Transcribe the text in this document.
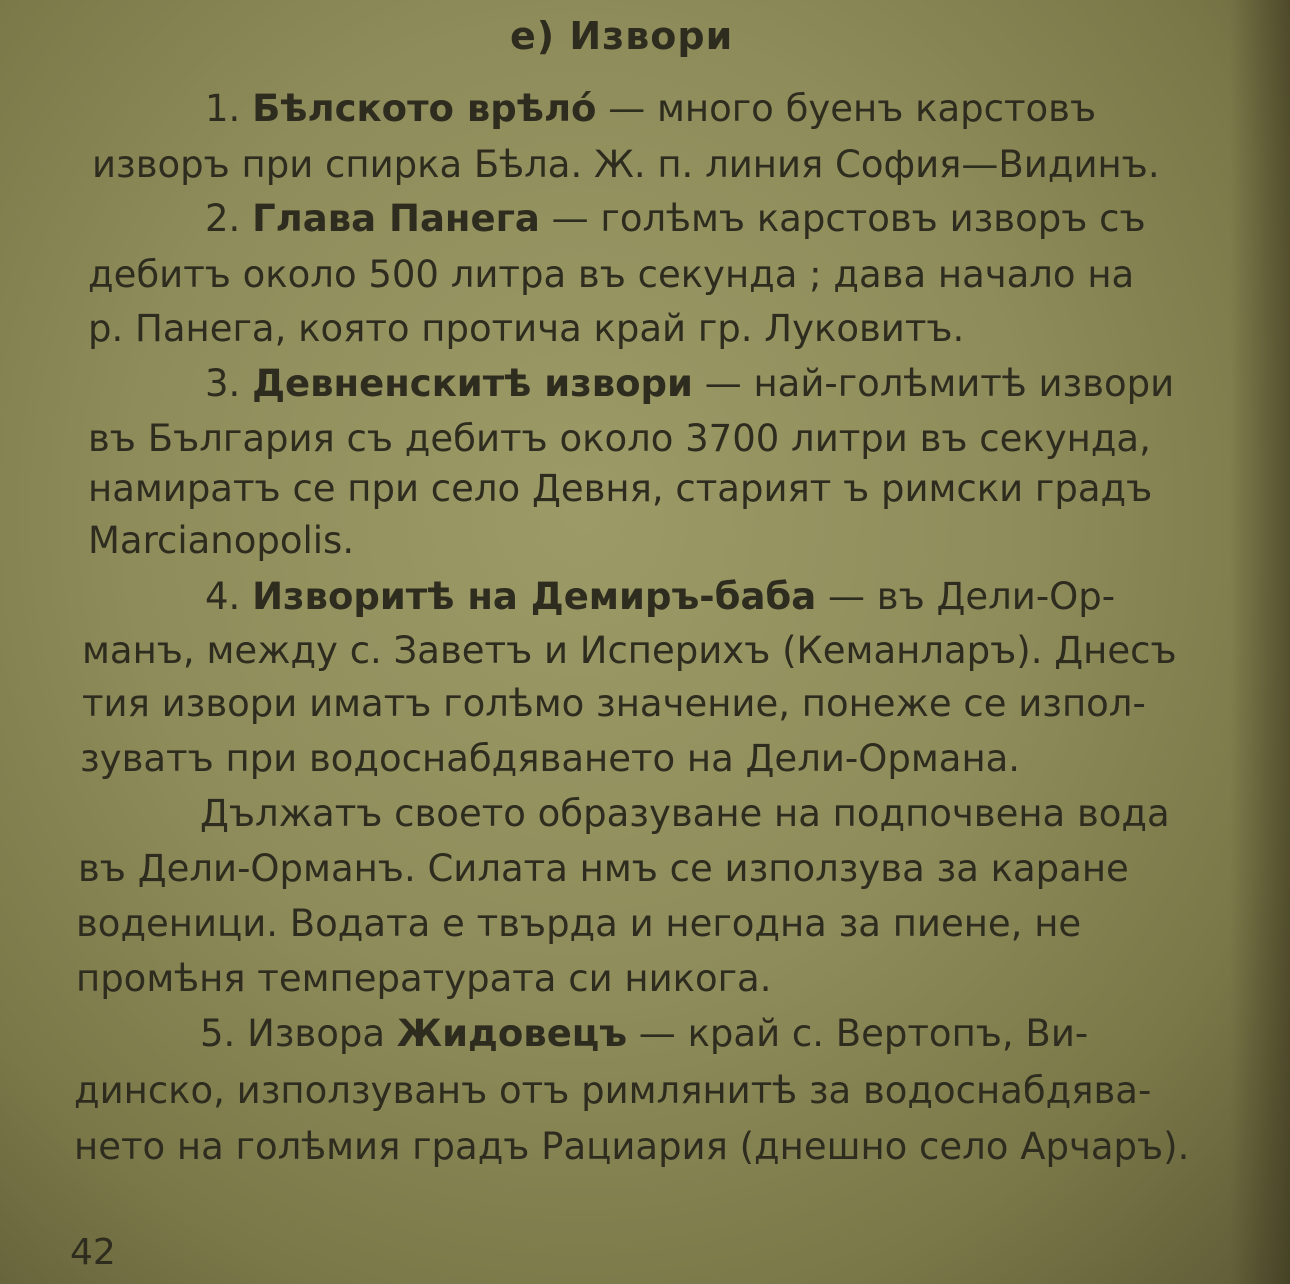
е) Извори
1. Бѣлското врѣло́ — много буенъ карстовъ
изворъ при спирка Бѣла. Ж. п. линия София—Видинъ.
2. Глава Панега — голѣмъ карстовъ изворъ съ
дебитъ около 500 литра въ секунда ; дава начало на
р. Панега, която протича край гр. Луковитъ.
3. Девненскитѣ извори — най-голѣмитѣ извори
въ България съ дебитъ около 3700 литри въ секунда,
намиратъ се при село Девня, старият ъ римски градъ
Marcianopolis.
4. Изворитѣ на Демиръ-баба — въ Дели-Ор-
манъ, между с. Заветъ и Испериxъ (Кеманларъ). Днесъ
тия извори иматъ голѣмо значение, понеже се изпол-
зуватъ при водоснабдяването на Дели-Ормана.
Дължатъ своето образуване на подпочвена вода
въ Дели-Орманъ. Силата нмъ се използува за каране
воденици. Водата е твърда и негодна за пиене, не
промѣня температурата си никога.
5. Извора Жидовецъ — край с. Вертопъ, Ви-
динско, използуванъ отъ римлянитѣ за водоснабдява-
нето на голѣмия градъ Рациария (днешно село Арчаръ).
42
